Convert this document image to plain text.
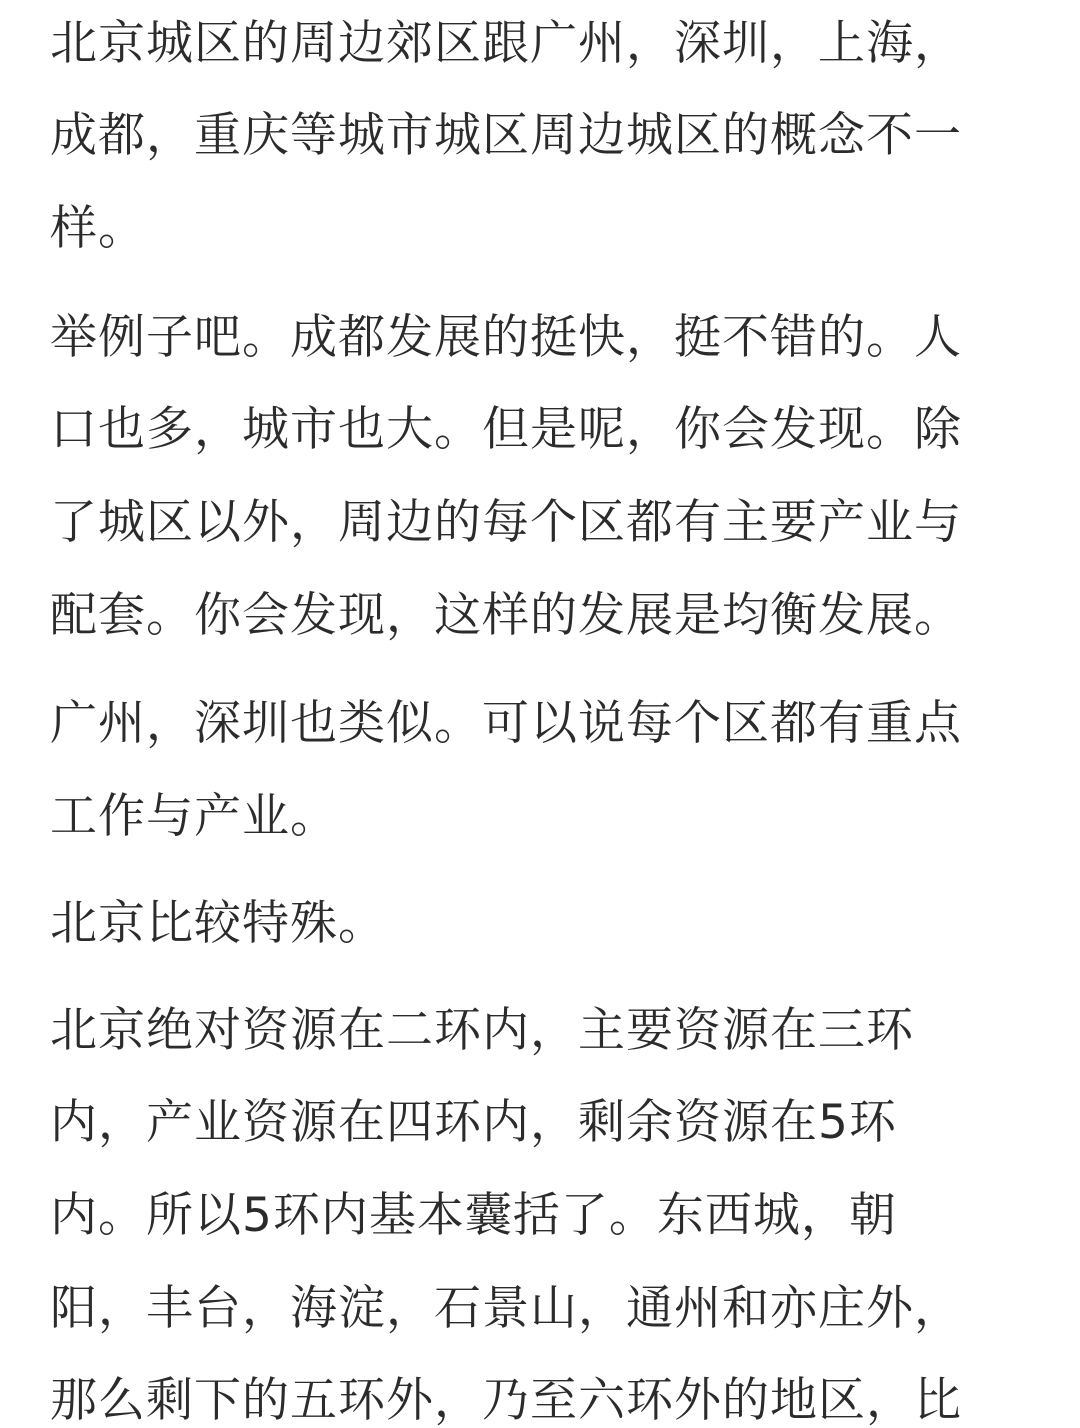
北京城区的周边郊区跟广州，深圳，上海，
成都，重庆等城市城区周边城区的概念不一
样。
举例子吧。成都发展的挺快，挺不错的。人
口也多，城市也大。但是呢，你会发现。除
了城区以外，周边的每个区都有主要产业与
配套。你会发现，这样的发展是均衡发展。
广州，深圳也类似。可以说每个区都有重点
工作与产业。
北京比较特殊。
北京绝对资源在二环内，主要资源在三环
内，产业资源在四环内，剩余资源在5环
内。所以5环内基本囊括了。东西城，朝
阳，丰台，海淀，石景山，通州和亦庄外，
那么剩下的五环外，乃至六环外的地区，比
